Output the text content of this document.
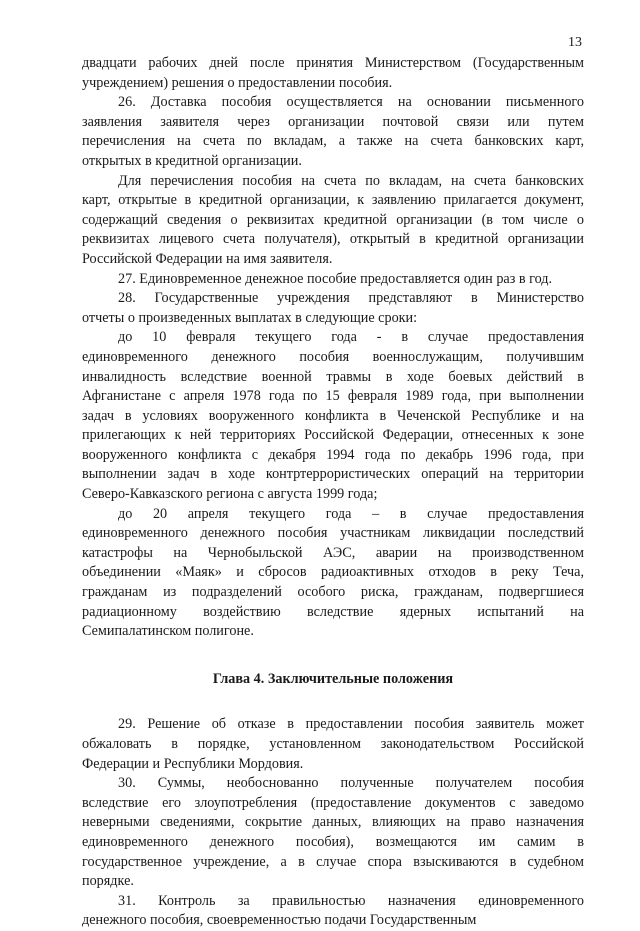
13
двадцати рабочих дней после принятия Министерством (Государственным
учреждением) решения о предоставлении пособия.
26. Доставка пособия осуществляется на основании письменного
заявления заявителя через организации почтовой связи или путем
перечисления на счета по вкладам, а также на счета банковских карт,
открытых в кредитной организации.
Для перечисления пособия на счета по вкладам, на счета банковских
карт, открытые в кредитной организации, к заявлению прилагается документ,
содержащий сведения о реквизитах кредитной организации (в том числе о
реквизитах лицевого счета получателя), открытый в кредитной организации
Российской Федерации на имя заявителя.
27. Единовременное денежное пособие предоставляется один раз в год.
28. Государственные учреждения представляют в Министерство
отчеты о произведенных выплатах в следующие сроки:
до 10 февраля текущего года - в случае предоставления
единовременного денежного пособия военнослужащим, получившим
инвалидность вследствие военной травмы в ходе боевых действий в
Афганистане с апреля 1978 года по 15 февраля 1989 года, при выполнении
задач в условиях вооруженного конфликта в Чеченской Республике и на
прилегающих к ней территориях Российской Федерации, отнесенных к зоне
вооруженного конфликта с декабря 1994 года по декабрь 1996 года, при
выполнении задач в ходе контртеррористических операций на территории
Северо-Кавказского региона с августа 1999 года;
до 20 апреля текущего года – в случае предоставления
единовременного денежного пособия участникам ликвидации последствий
катастрофы на Чернобыльской АЭС, аварии на производственном
объединении «Маяк» и сбросов радиоактивных отходов в реку Теча,
гражданам из подразделений особого риска, гражданам, подвергшиеся
радиационному воздействию вследствие ядерных испытаний на
Семипалатинском полигоне.
Глава 4. Заключительные положения
29. Решение об отказе в предоставлении пособия заявитель может
обжаловать в порядке, установленном законодательством Российской
Федерации и Республики Мордовия.
30. Суммы, необоснованно полученные получателем пособия
вследствие его злоупотребления (предоставление документов с заведомо
неверными сведениями, сокрытие данных, влияющих на право назначения
единовременного денежного пособия), возмещаются им самим в
государственное учреждение, а в случае спора взыскиваются в судебном
порядке.
31. Контроль за правильностью назначения единовременного
денежного пособия, своевременностью подачи Государственным
